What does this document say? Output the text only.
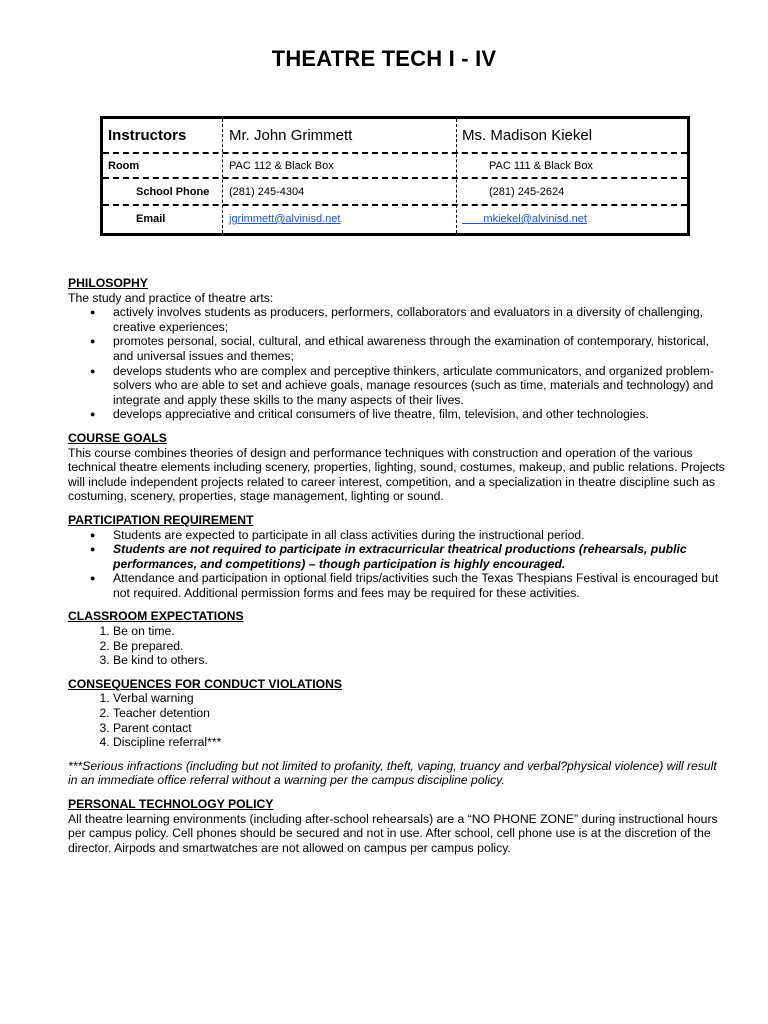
THEATRE TECH I - IV
Instructors	Mr. John Grimmett	Ms. Madison Kiekel
Room	PAC 112 & Black Box	PAC 111 & Black Box
School Phone (281) 245-4304	(281) 245-2624
Email	jgrimmett@alvinisd.net	mkiekel@alvinisd.net
PHILOSOPHY

The study and practice of theatre arts:

● actively involves students as producers, performers, collaborators and evaluators in a diversity of challenging, creative experiences;
● promotes personal, social, cultural, and ethical awareness through the examination of contemporary, historical, and universal issues and themes;
● develops students who are complex and perceptive thinkers, articulate communicators, and organized problem-solvers who are able to set and achieve goals, manage resources (such as time, materials and technology) and integrate and apply these skills to the many aspects of their lives.
● develops appreciative and critical consumers of live theatre, film, television, and other technologies.
COURSE GOALS

This course combines theories of design and performance techniques with construction and operation of the various technical theatre elements including scenery, properties, lighting, sound, costumes, makeup, and public relations. Projects will include independent projects related to career interest, competition, and a specialization in theatre discipline such as costuming, scenery, properties, stage management, lighting or sound.

PARTICIPATION REQUIREMENT
● Students are expected to participate in all class activities during the instructional period.
● Students are not required to participate in extracurricular theatrical productions (rehearsals, public performances, and competitions) – though participation is highly encouraged.
● Attendance and participation in optional field trips/activities such the Texas Thespians Festival is encouraged but not required. Additional permission forms and fees may be required for these activities.
CLASSROOM EXPECTATIONS
1. Be on time.
2. Be prepared.
3. Be kind to others.
CONSEQUENCES FOR CONDUCT VIOLATIONS
1. Verbal warning
2. Teacher detention
3. Parent contact
4. Discipline referral***

***Serious infractions (including but not limited to profanity, theft, vaping, truancy and verbal?physical violence) will result in an immediate office referral without a warning per the campus discipline policy.

PERSONAL TECHNOLOGY POLICY

All theatre learning environments (including after-school rehearsals) are a “NO PHONE ZONE” during instructional hours per campus policy. Cell phones should be secured and not in use. After school, cell phone use is at the discretion of the director. Airpods and smartwatches are not allowed on campus per campus policy.
